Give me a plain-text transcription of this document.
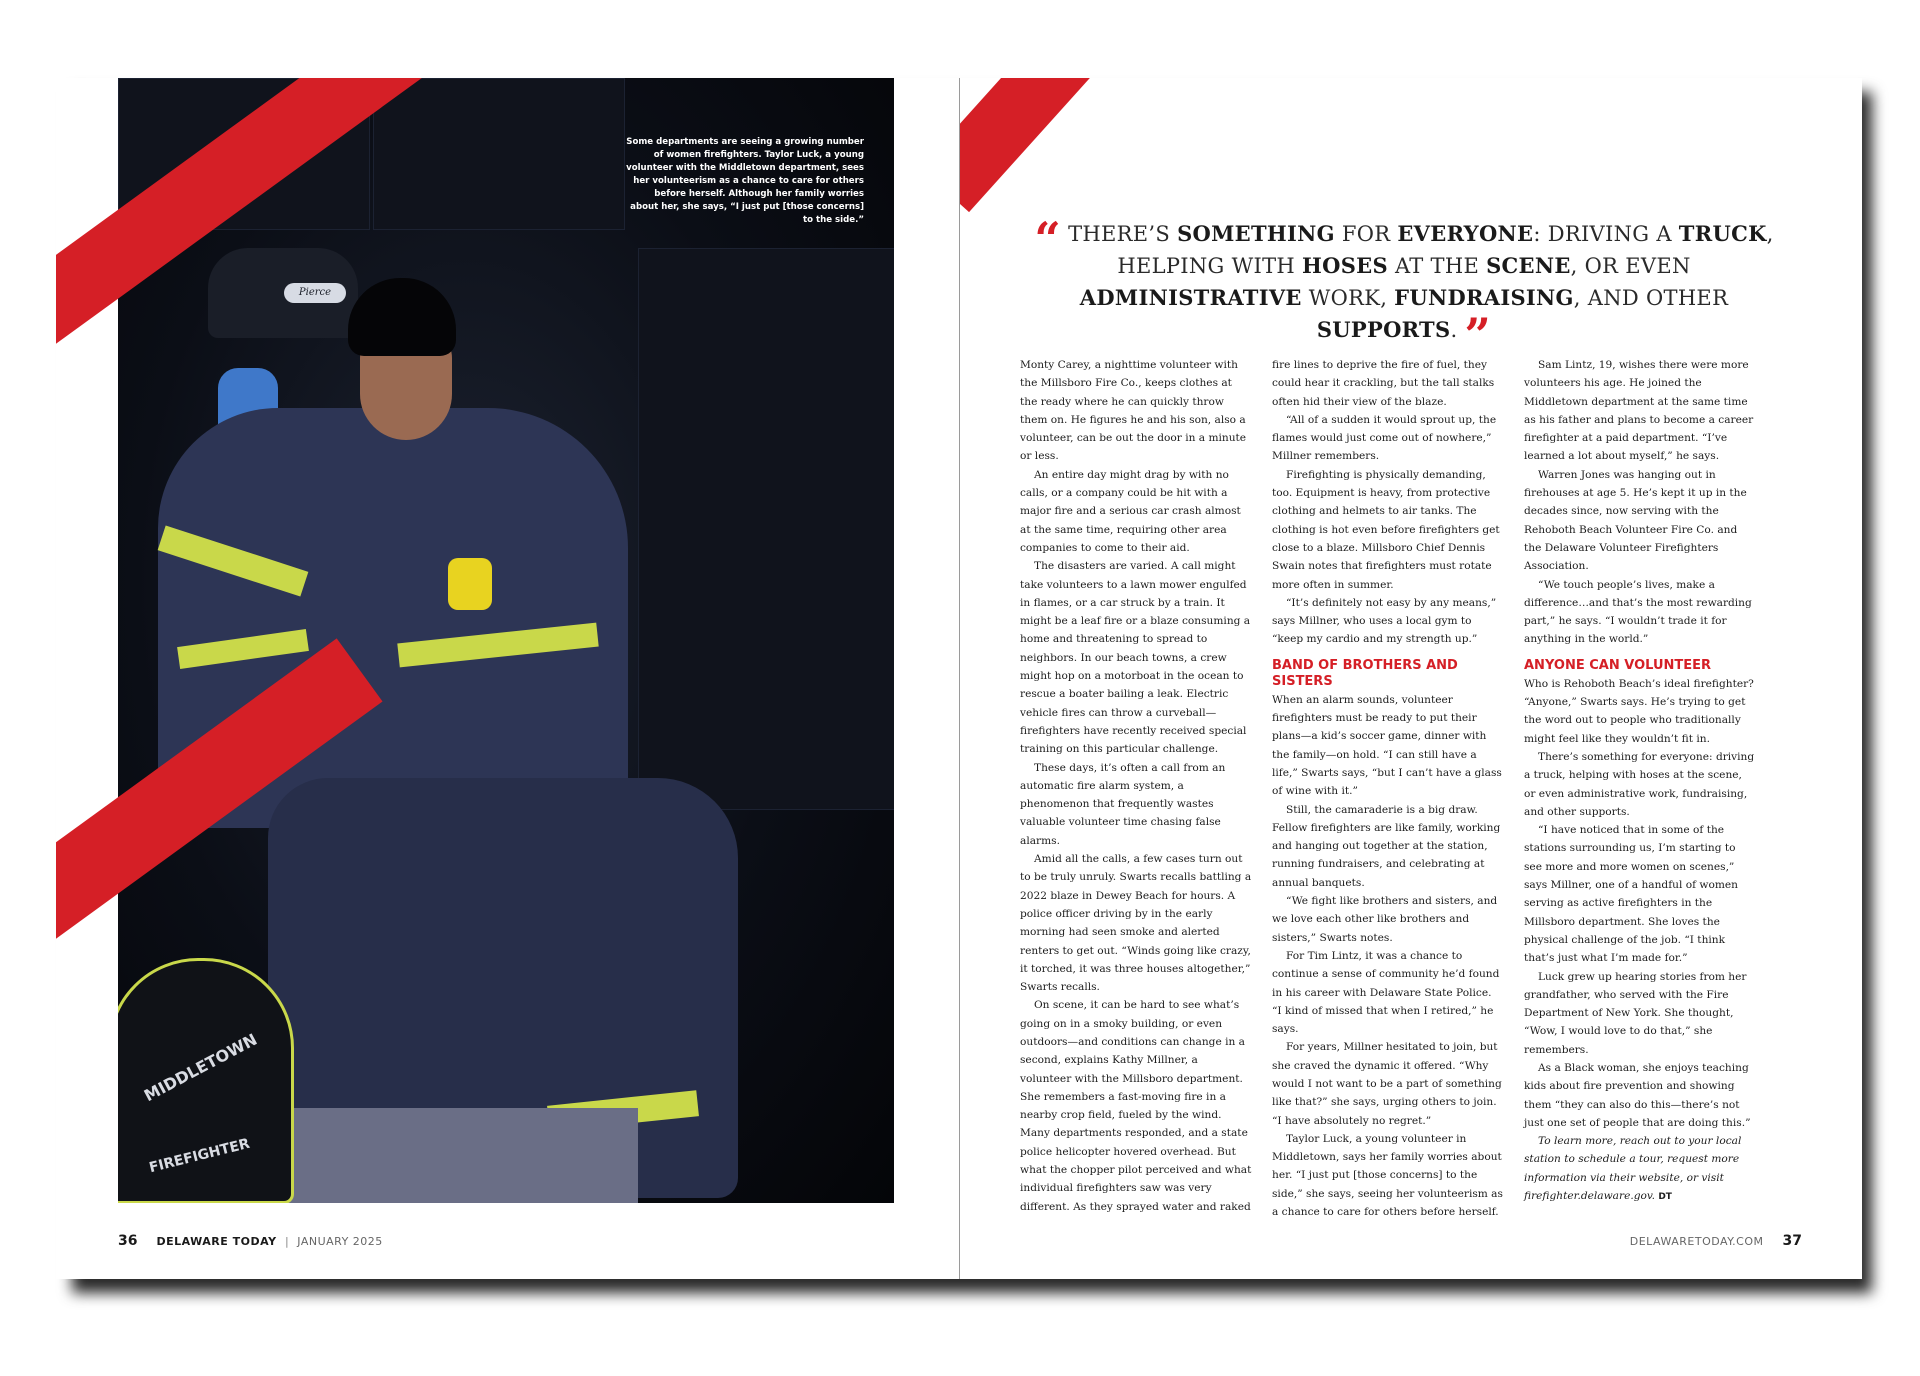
Pierce
MIDDLETOWN
FIREFIGHTER
Some departments are seeing a growing number of women firefighters. Taylor Luck, a young volunteer with the Middletown department, sees her volunteerism as a chance to care for others before herself. Although her family worries about her, she says, “I just put [those concerns] to the side.”
36 DELAWARE TODAY | JANUARY 2025
“ THERE’S SOMETHING FOR EVERYONE: DRIVING A TRUCK, HELPING WITH HOSES AT THE SCENE, OR EVEN ADMINISTRATIVE WORK, FUNDRAISING, AND OTHER SUPPORTS. ”

Monty Carey, a nighttime volunteer with the Millsboro Fire Co., keeps clothes at the ready where he can quickly throw them on. He figures he and his son, also a volunteer, can be out the door in a minute or less.

An entire day might drag by with no calls, or a company could be hit with a major fire and a serious car crash almost at the same time, requiring other area companies to come to their aid.

The disasters are varied. A call might take volunteers to a lawn mower engulfed in flames, or a car struck by a train. It might be a leaf fire or a blaze consuming a home and threatening to spread to neighbors. In our beach towns, a crew might hop on a motorboat in the ocean to rescue a boater bailing a leak. Electric vehicle fires can throw a curveball—firefighters have recently received special training on this particular challenge.

These days, it’s often a call from an automatic fire alarm system, a phenomenon that frequently wastes valuable volunteer time chasing false alarms.

Amid all the calls, a few cases turn out to be truly unruly. Swarts recalls battling a 2022 blaze in Dewey Beach for hours. A police officer driving by in the early morning had seen smoke and alerted renters to get out. “Winds going like crazy, it torched, it was three houses altogether,” Swarts recalls.

On scene, it can be hard to see what’s going on in a smoky building, or even outdoors—and conditions can change in a second, explains Kathy Millner, a volunteer with the Millsboro department. She remembers a fast-moving fire in a nearby crop field, fueled by the wind. Many departments responded, and a state police helicopter hovered overhead. But what the chopper pilot perceived and what individual firefighters saw was very different. As they sprayed water and raked

fire lines to deprive the fire of fuel, they could hear it crackling, but the tall stalks often hid their view of the blaze.

“All of a sudden it would sprout up, the flames would just come out of nowhere,” Millner remembers.

Firefighting is physically demanding, too. Equipment is heavy, from protective clothing and helmets to air tanks. The clothing is hot even before firefighters get close to a blaze. Millsboro Chief Dennis Swain notes that firefighters must rotate more often in summer.

“It’s definitely not easy by any means,” says Millner, who uses a local gym to “keep my cardio and my strength up.”

BAND OF BROTHERS AND SISTERS

When an alarm sounds, volunteer firefighters must be ready to put their plans—a kid’s soccer game, dinner with the family—on hold. “I can still have a life,” Swarts says, “but I can’t have a glass of wine with it.”

Still, the camaraderie is a big draw. Fellow firefighters are like family, working and hanging out together at the station, running fundraisers, and celebrating at annual banquets.

“We fight like brothers and sisters, and we love each other like brothers and sisters,” Swarts notes.

For Tim Lintz, it was a chance to continue a sense of community he’d found in his career with Delaware State Police. “I kind of missed that when I retired,” he says.

For years, Millner hesitated to join, but she craved the dynamic it offered. “Why would I not want to be a part of something like that?” she says, urging others to join. “I have absolutely no regret.”

Taylor Luck, a young volunteer in Middletown, says her family worries about her. “I just put [those concerns] to the side,” she says, seeing her volunteerism as a chance to care for others before herself.

Sam Lintz, 19, wishes there were more volunteers his age. He joined the Middletown department at the same time as his father and plans to become a career firefighter at a paid department. “I’ve learned a lot about myself,” he says.

Warren Jones was hanging out in firehouses at age 5. He’s kept it up in the decades since, now serving with the Rehoboth Beach Volunteer Fire Co. and the Delaware Volunteer Firefighters Association.

“We touch people’s lives, make a difference…and that’s the most rewarding part,” he says. “I wouldn’t trade it for anything in the world.”

ANYONE CAN VOLUNTEER

Who is Rehoboth Beach’s ideal firefighter? “Anyone,” Swarts says. He’s trying to get the word out to people who traditionally might feel like they wouldn’t fit in.

There’s something for everyone: driving a truck, helping with hoses at the scene, or even administrative work, fundraising, and other supports.

“I have noticed that in some of the stations surrounding us, I’m starting to see more and more women on scenes,” says Millner, one of a handful of women serving as active firefighters in the Millsboro department. She loves the physical challenge of the job. “I think that’s just what I’m made for.”

Luck grew up hearing stories from her grandfather, who served with the Fire Department of New York. She thought, “Wow, I would love to do that,” she remembers.

As a Black woman, she enjoys teaching kids about fire prevention and showing them “they can also do this—there’s not just one set of people that are doing this.”

To learn more, reach out to your local station to schedule a tour, request more information via their website, or visit firefighter.delaware.gov. DT

DELAWARETODAY.COM 37
